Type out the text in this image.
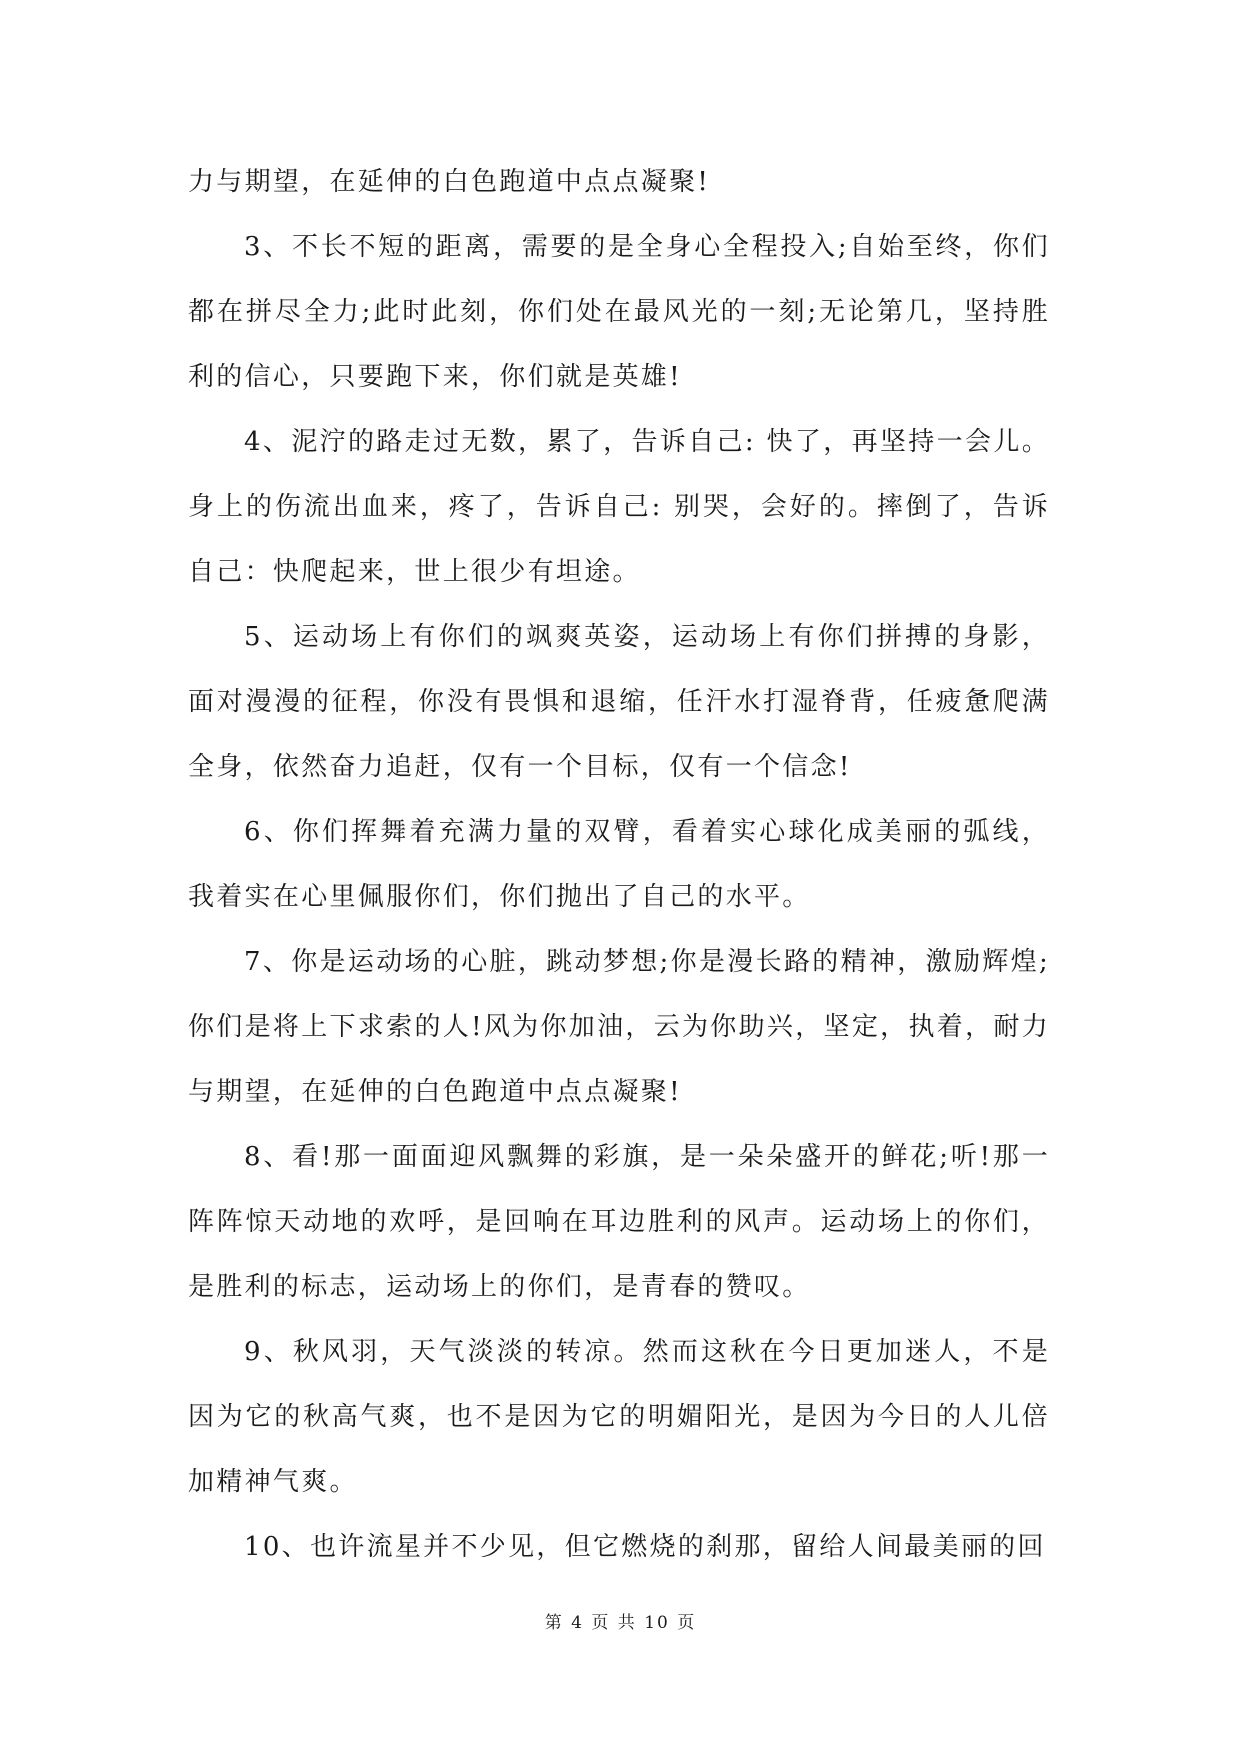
力与期望，在延伸的白色跑道中点点凝聚!

3、不长不短的距离，需要的是全身心全程投入;自始至终，你们都在拼尽全力;此时此刻，你们处在最风光的一刻;无论第几，坚持胜利的信心，只要跑下来，你们就是英雄!

4、泥泞的路走过无数，累了，告诉自己: 快了，再坚持一会儿。身上的伤流出血来，疼了，告诉自己: 别哭，会好的。摔倒了，告诉自己：快爬起来，世上很少有坦途。

5、运动场上有你们的飒爽英姿，运动场上有你们拼搏的身影，面对漫漫的征程，你没有畏惧和退缩，任汗水打湿脊背，任疲惫爬满全身，依然奋力追赶，仅有一个目标，仅有一个信念!

6、你们挥舞着充满力量的双臂，看着实心球化成美丽的弧线，我着实在心里佩服你们，你们抛出了自己的水平。

7、你是运动场的心脏，跳动梦想;你是漫长路的精神，激励辉煌;你们是将上下求索的人!风为你加油，云为你助兴，坚定，执着，耐力与期望，在延伸的白色跑道中点点凝聚!

8、看!那一面面迎风飘舞的彩旗，是一朵朵盛开的鲜花;听!那一阵阵惊天动地的欢呼，是回响在耳边胜利的风声。运动场上的你们，是胜利的标志，运动场上的你们，是青春的赞叹。

9、秋风羽，天气淡淡的转凉。然而这秋在今日更加迷人，不是因为它的秋高气爽，也不是因为它的明媚阳光，是因为今日的人儿倍加精神气爽。

10、也许流星并不少见，但它燃烧的刹那，留给人间最美丽的回

第 4 页 共 10 页
